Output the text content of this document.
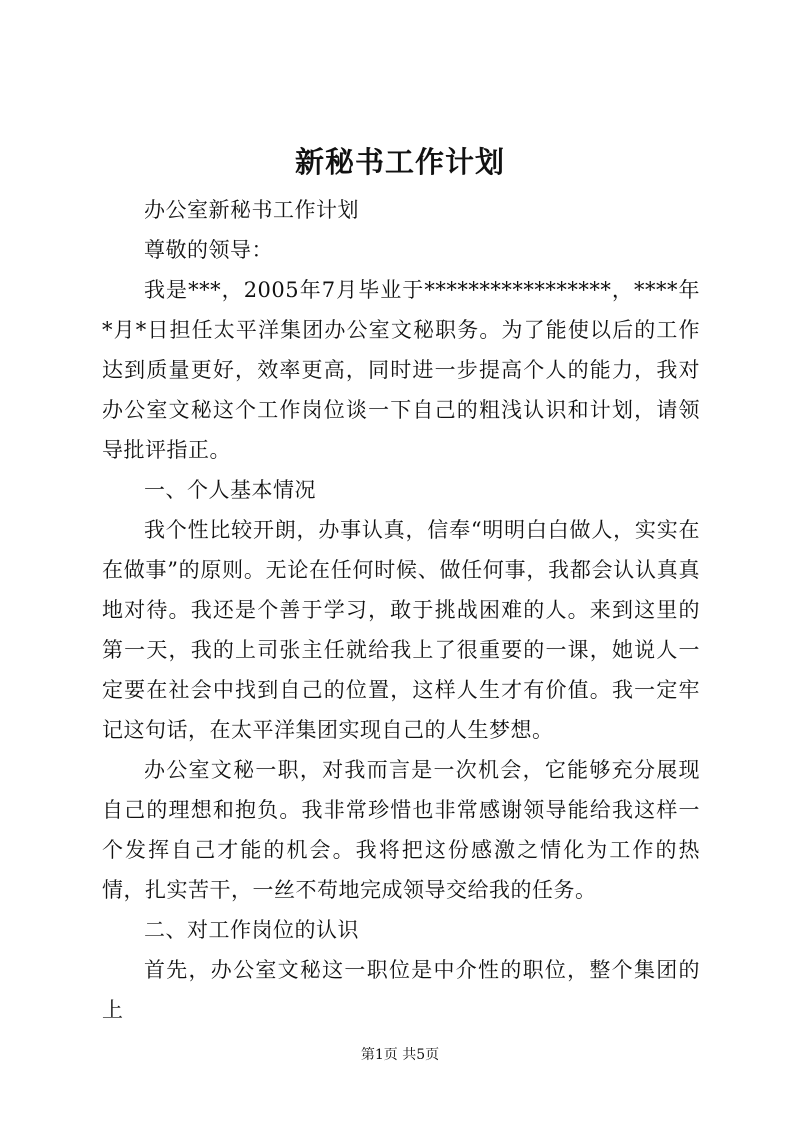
新秘书工作计划

办公室新秘书工作计划

尊敬的领导：

我是***，2005年7月毕业于*****************，****年*月*日担任太平洋集团办公室文秘职务。为了能使以后的工作达到质量更好，效率更高，同时进一步提高个人的能力，我对办公室文秘这个工作岗位谈一下自己的粗浅认识和计划，请领导批评指正。

一、个人基本情况

我个性比较开朗，办事认真，信奉“明明白白做人，实实在在做事”的原则。无论在任何时候、做任何事，我都会认认真真地对待。我还是个善于学习，敢于挑战困难的人。来到这里的第一天，我的上司张主任就给我上了很重要的一课，她说人一定要在社会中找到自己的位置，这样人生才有价值。我一定牢记这句话，在太平洋集团实现自己的人生梦想。

办公室文秘一职，对我而言是一次机会，它能够充分展现自己的理想和抱负。我非常珍惜也非常感谢领导能给我这样一个发挥自己才能的机会。我将把这份感激之情化为工作的热情，扎实苦干，一丝不苟地完成领导交给我的任务。

二、对工作岗位的认识

首先，办公室文秘这一职位是中介性的职位，整个集团的上

第1页 共5页
